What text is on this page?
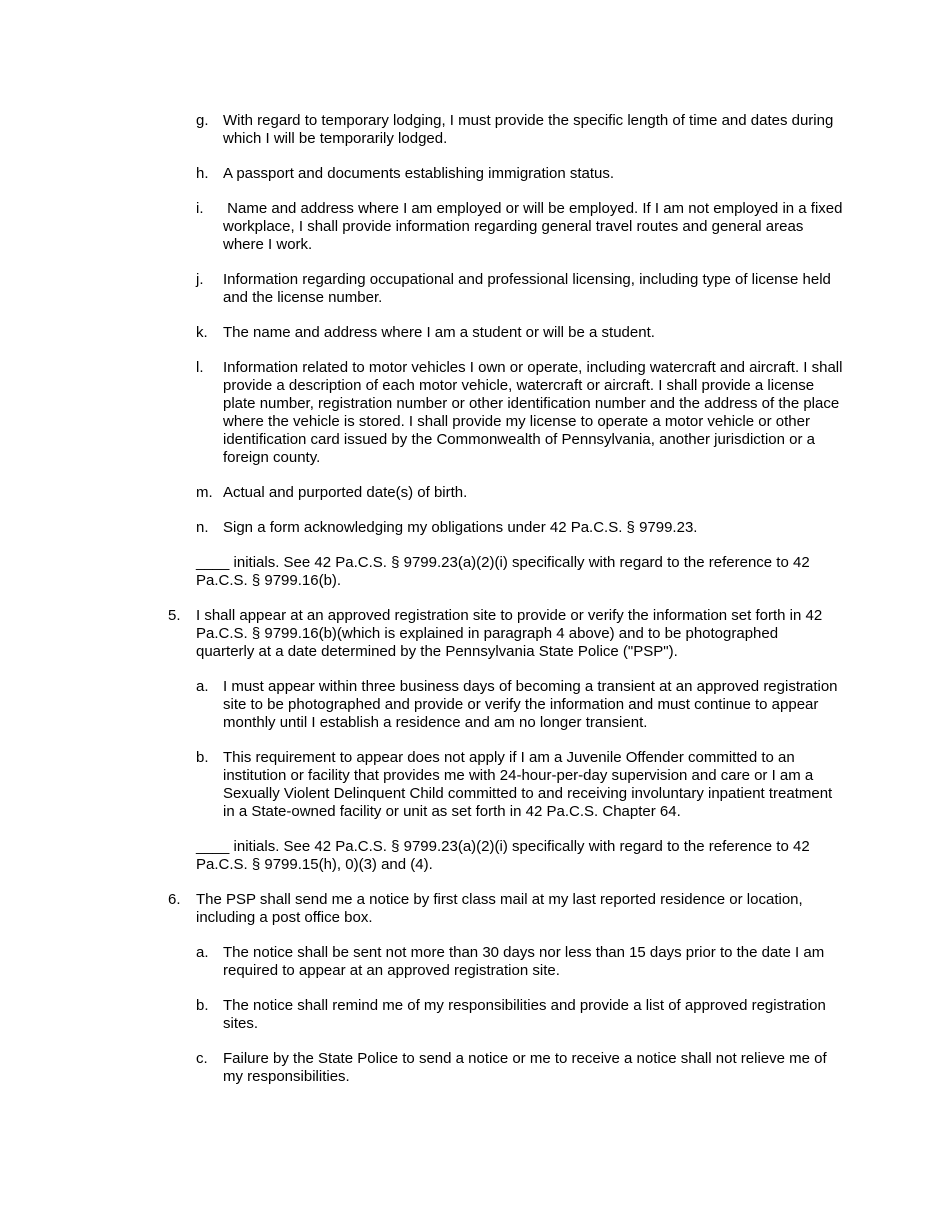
g. With regard to temporary lodging, I must provide the specific length of time and dates during which I will be temporarily lodged.
h. A passport and documents establishing immigration status.
i. Name and address where I am employed or will be employed. If I am not employed in a fixed workplace, I shall provide information regarding general travel routes and general areas where I work.
j. Information regarding occupational and professional licensing, including type of license held and the license number.
k. The name and address where I am a student or will be a student.
l. Information related to motor vehicles I own or operate, including watercraft and aircraft. I shall provide a description of each motor vehicle, watercraft or aircraft. I shall provide a license plate number, registration number or other identification number and the address of the place where the vehicle is stored. I shall provide my license to operate a motor vehicle or other identification card issued by the Commonwealth of Pennsylvania, another jurisdiction or a foreign county.
m. Actual and purported date(s) of birth.
n. Sign a form acknowledging my obligations under 42 Pa.C.S. § 9799.23.
____ initials. See 42 Pa.C.S. § 9799.23(a)(2)(i) specifically with regard to the reference to 42 Pa.C.S. § 9799.16(b).
5. I shall appear at an approved registration site to provide or verify the information set forth in 42 Pa.C.S. § 9799.16(b)(which is explained in paragraph 4 above) and to be photographed quarterly at a date determined by the Pennsylvania State Police ("PSP").
a. I must appear within three business days of becoming a transient at an approved registration site to be photographed and provide or verify the information and must continue to appear monthly until I establish a residence and am no longer transient.
b. This requirement to appear does not apply if I am a Juvenile Offender committed to an institution or facility that provides me with 24-hour-per-day supervision and care or I am a Sexually Violent Delinquent Child committed to and receiving involuntary inpatient treatment in a State-owned facility or unit as set forth in 42 Pa.C.S. Chapter 64.
____ initials. See 42 Pa.C.S. § 9799.23(a)(2)(i) specifically with regard to the reference to 42 Pa.C.S. § 9799.15(h), 0)(3) and (4).
6. The PSP shall send me a notice by first class mail at my last reported residence or location, including a post office box.
a. The notice shall be sent not more than 30 days nor less than 15 days prior to the date I am required to appear at an approved registration site.
b. The notice shall remind me of my responsibilities and provide a list of approved registration sites.
c. Failure by the State Police to send a notice or me to receive a notice shall not relieve me of my responsibilities.
